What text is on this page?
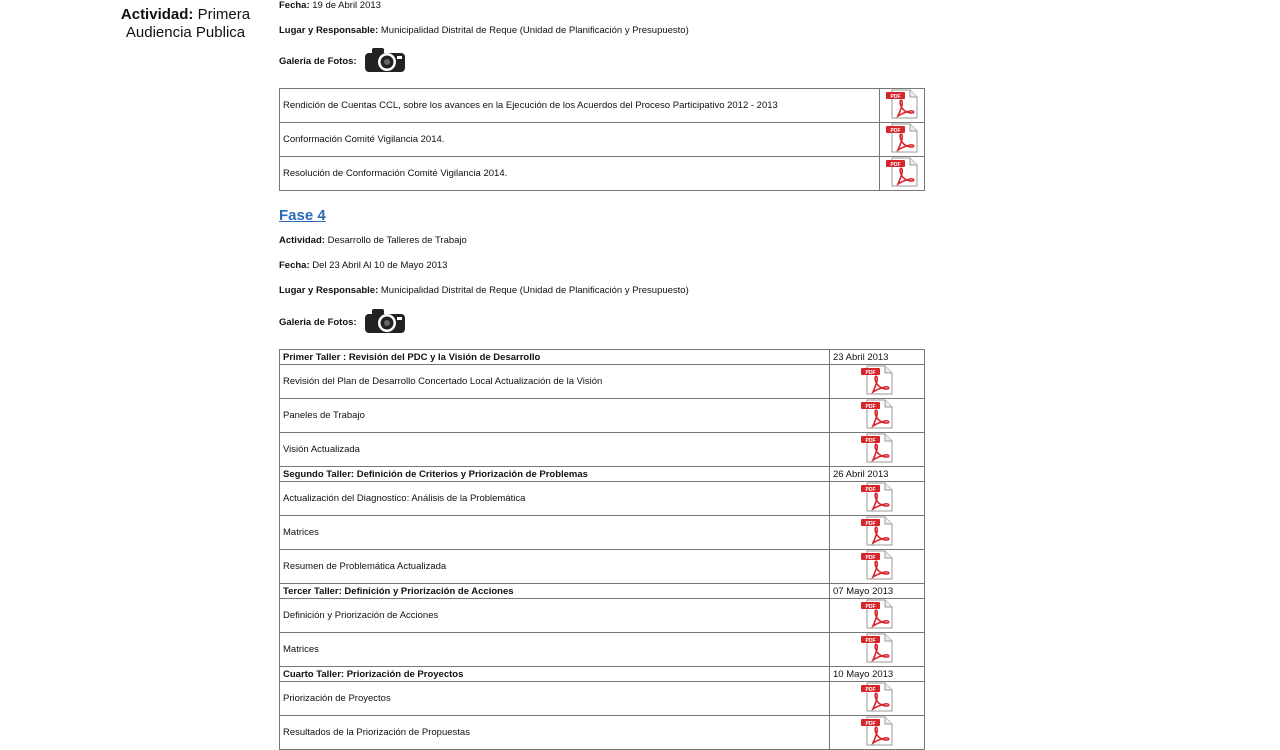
Actividad: Primera Audiencia Publica
Fecha: 19 de Abril 2013
Lugar y Responsable: Municipalidad Distrital de Reque (Unidad de Planificación y Presupuesto)
Galeria de Fotos:
Rendición de Cuentas CCL, sobre los avances en la Ejecución de los Acuerdos del Proceso Participativo 2012 - 2013	PDF

Conformación Comité Vigilancia 2014.	PDF

Resolución de Conformación Comité Vigilancia 2014.	PDF
Fase 4
Actividad: Desarrollo de Talleres de Trabajo
Fecha: Del 23 Abril Al 10 de Mayo 2013
Lugar y Responsable: Municipalidad Distrital de Reque (Unidad de Planificación y Presupuesto)
Galeria de Fotos:
Primer Taller : Revisión del PDC y la Visión de Desarrollo	23 Abril 2013
Revisión del Plan de Desarrollo Concertado Local Actualización de la Visión	PDF

Paneles de Trabajo	PDF

Visión Actualizada	PDF

Segundo Taller: Definición de Criterios y Priorización de Problemas	26 Abril 2013
Actualización del Diagnostico: Análisis de la Problemática	PDF

Matrices	PDF

Resumen de Problemática Actualizada	PDF

Tercer Taller: Definición y Priorización de Acciones	07 Mayo 2013
Definición y Priorización de Acciones	PDF

Matrices	PDF

Cuarto Taller: Priorización de Proyectos	10 Mayo 2013
Priorización de Proyectos	PDF

Resultados de la Priorización de Propuestas	PDF
